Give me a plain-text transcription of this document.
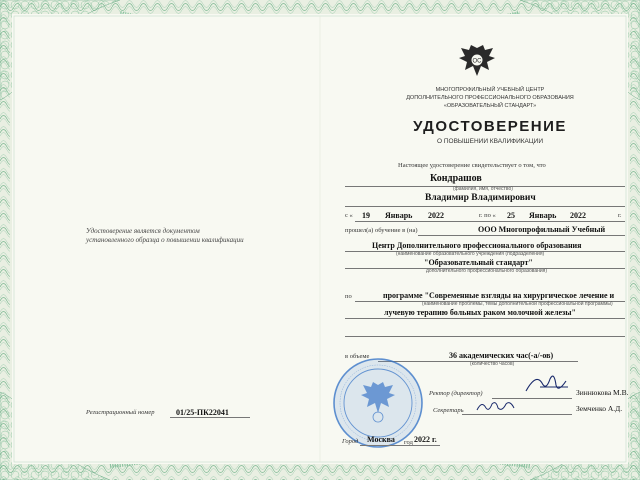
ОС
МНОГОПРОФИЛЬНЫЙ УЧЕБНЫЙ ЦЕНТР
ДОПОЛНИТЕЛЬНОГО ПРОФЕССИОНАЛЬНОГО ОБРАЗОВАНИЯ
«ОБРАЗОВАТЕЛЬНЫЙ СТАНДАРТ»
УДОСТОВЕРЕНИЕ
О ПОВЫШЕНИИ КВАЛИФИКАЦИИ
Удостоверение является документом
установленного образца о повышении квалификации
Настоящее удостоверение свидетельствует о том, что
Кондрашов
(фамилия, имя, отчество)
Владимир Владимирович
с « 19 Январь 2022	г. по « 25 Январь 2022	г.
прошел(а) обучение в (на)	ООО Многопрофильный Учебный
Центр Дополнительного профессионального образования
(наименование образовательного учреждения (подразделения)
"Образовательный стандарт"
дополнительного профессионального образования)
по	программе "Современные взгляды на хирургическое лечение и
(наименование проблемы, темы дополнительной профессиональной программы)
лучевую терапию больных раком молочной железы"
в объеме	36 академических час(-а/-ов)
(количество часов)
Ректор (директор)	Зиннюкова М.В.
Секретарь	Земченко А.Д.
Регистрационный номер	01/25-ПК22041
Город Москва год 2022 г.
